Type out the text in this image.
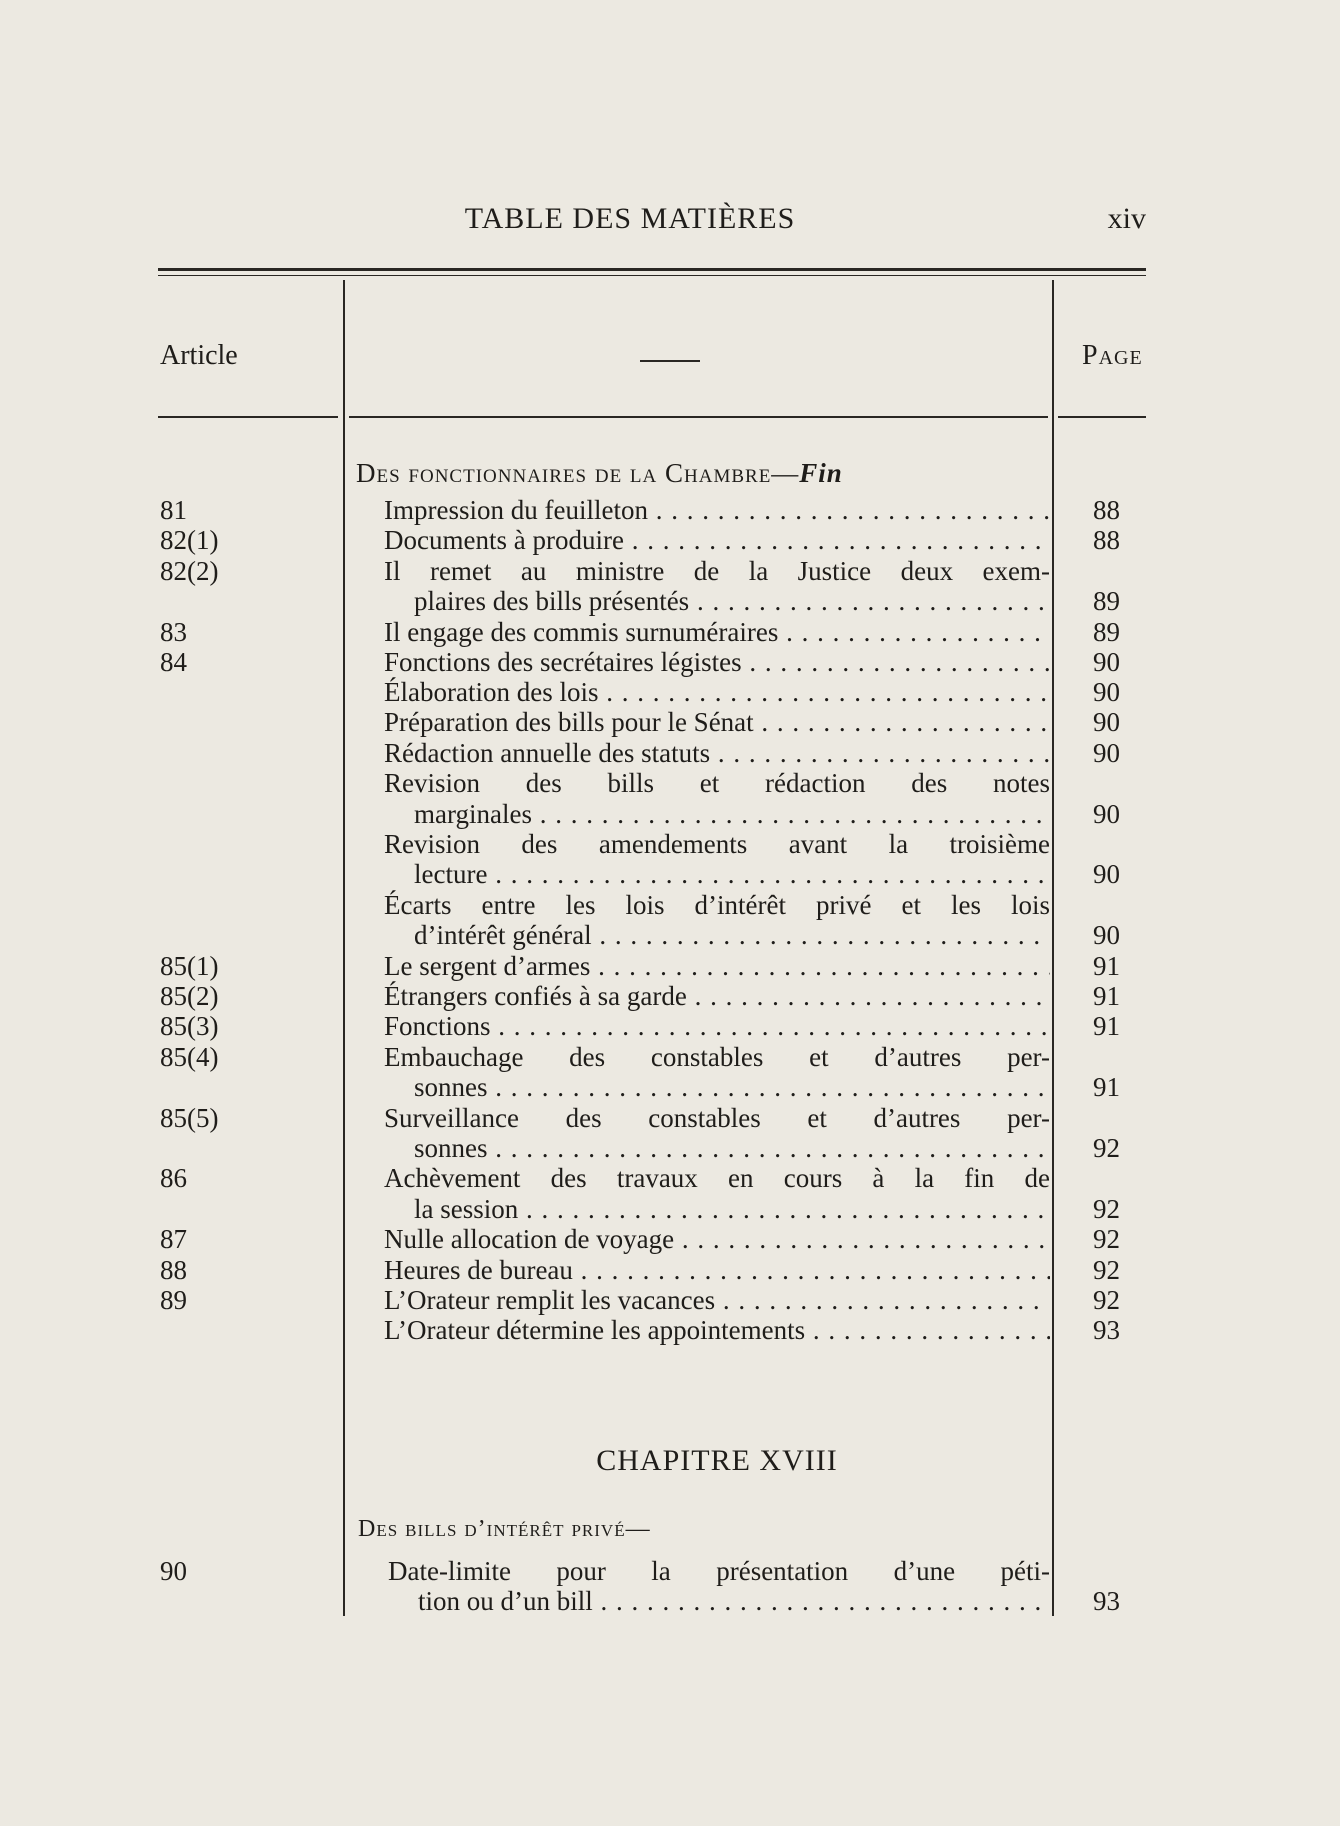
TABLE DES MATIÈRES	xiv
Article	Page
Des fonctionnaires de la Chambre—Fin
81	Impression du feuilleton . . .	88
82(1)	Documents à produire . . .	88
82(2)	Il remet au ministre de la Justice deux exem-
plaires des bills présentés . . .	89
83	Il engage des commis surnuméraires . . .	89
84	Fonctions des secrétaires légistes . . .	90
Élaboration des lois . . .	90
Préparation des bills pour le Sénat . . .	90
Rédaction annuelle des statuts . . .	90
Revision des bills et rédaction des notes
marginales . . .	90
Revision des amendements avant la troisième
lecture . . .	90
Écarts entre les lois d’intérêt privé et les lois
d’intérêt général . . .	90
85(1)	Le sergent d’armes . . .	91
85(2)	Étrangers confiés à sa garde . . .	91
85(3)	Fonctions . . .	91
85(4)	Embauchage des constables et d’autres per-
sonnes . . .	91
85(5)	Surveillance des constables et d’autres per-
sonnes . . .	92
86	Achèvement des travaux en cours à la fin de
la session . . .	92
87	Nulle allocation de voyage . . .	92
88	Heures de bureau . . .	92
89	L’Orateur remplit les vacances . . .	92
L’Orateur détermine les appointements . . .	93
CHAPITRE XVIII
Des bills d’intérêt privé—
90	Date-limite pour la présentation d’une péti-
tion ou d’un bill . . .	93
